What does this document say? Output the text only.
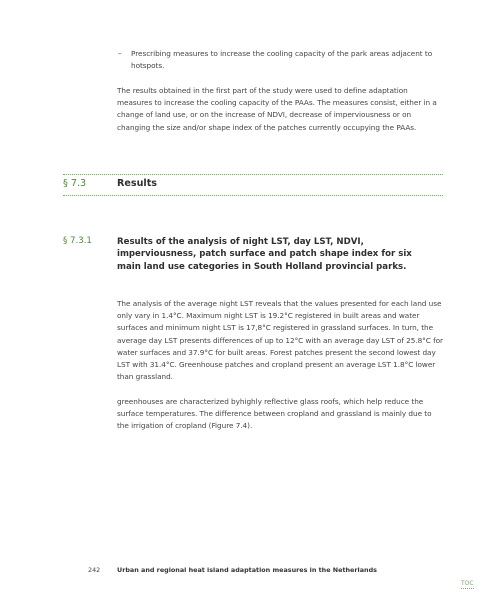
– Prescribing measures to increase the cooling capacity of the park areas adjacent to hotspots.

The results obtained in the first part of the study were used to define adaptation measures to increase the cooling capacity of the PAAs. The measures consist, either in a change of land use, or on the increase of NDVI, decrease of imperviousness or on changing the size and/or shape index of the patches currently occupying the PAAs.

§ 7.3	Results
§ 7.3.1	Results of the analysis of night LST, day LST, NDVI, imperviousness, patch surface and patch shape index for six main land use categories in South Holland provincial parks.

The analysis of the average night LST reveals that the values presented for each land use only vary in 1.4°C. Maximum night LST is 19.2°C registered in built areas and water surfaces and minimum night LST is 17,8°C registered in grassland surfaces. In turn, the average day LST presents differences of up to 12°C with an average day LST of 25.8°C for water surfaces and 37.9°C for built areas. Forest patches present the second lowest day LST with 31.4°C. Greenhouse patches and cropland present an average LST 1.8°C lower than grassland.

greenhouses are characterized byhighly reflective glass roofs, which help reduce the surface temperatures. The difference between cropland and grassland is mainly due to the irrigation of cropland (Figure 7.4).

242	Urban and regional heat island adaptation measures in the Netherlands
TOC
